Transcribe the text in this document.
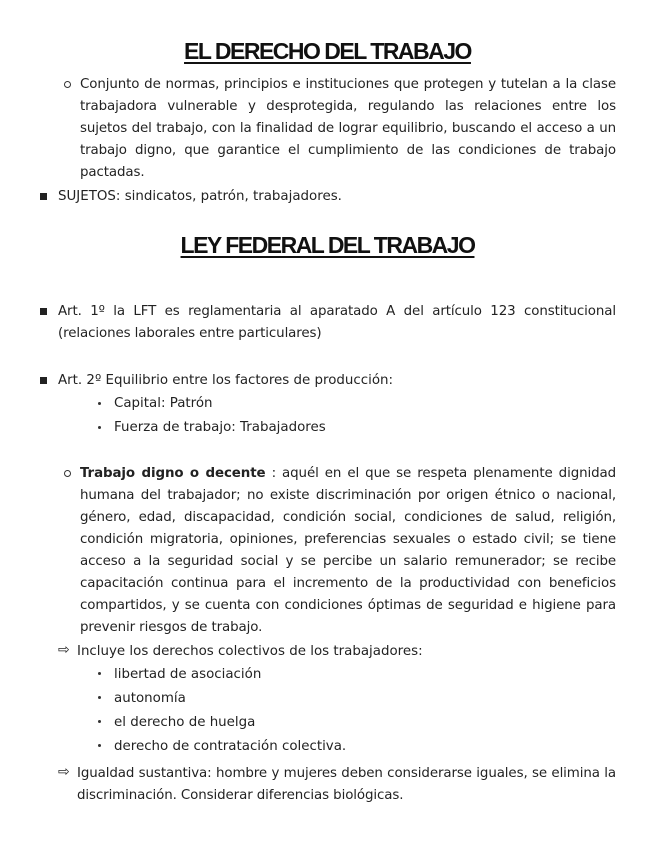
EL DERECHO DEL TRABAJO

Conjunto de normas, principios e instituciones que protegen y tutelan a la clase trabajadora vulnerable y desprotegida, regulando las relaciones entre los sujetos del trabajo, con la finalidad de lograr equilibrio, buscando el acceso a un trabajo digno, que garantice el cumplimiento de las condiciones de trabajo pactadas.

SUJETOS: sindicatos, patrón, trabajadores.

LEY FEDERAL DEL TRABAJO

Art. 1º la LFT es reglamentaria al aparatado A del artículo 123 constitucional (relaciones laborales entre particulares)

Art. 2º Equilibrio entre los factores de producción:

Capital: Patrón

Fuerza de trabajo: Trabajadores

Trabajo digno o decente : aquél en el que se respeta plenamente dignidad humana del trabajador; no existe discriminación por origen étnico o nacional, género, edad, discapacidad, condición social, condiciones de salud, religión, condición migratoria, opiniones, preferencias sexuales o estado civil; se tiene acceso a la seguridad social y se percibe un salario remunerador; se recibe capacitación continua para el incremento de la productividad con beneficios compartidos, y se cuenta con condiciones óptimas de seguridad e higiene para prevenir riesgos de trabajo.

⇨ Incluye los derechos colectivos de los trabajadores:

libertad de asociación

autonomía

el derecho de huelga

derecho de contratación colectiva.

⇨ Igualdad sustantiva: hombre y mujeres deben considerarse iguales, se elimina la discriminación. Considerar diferencias biológicas.
